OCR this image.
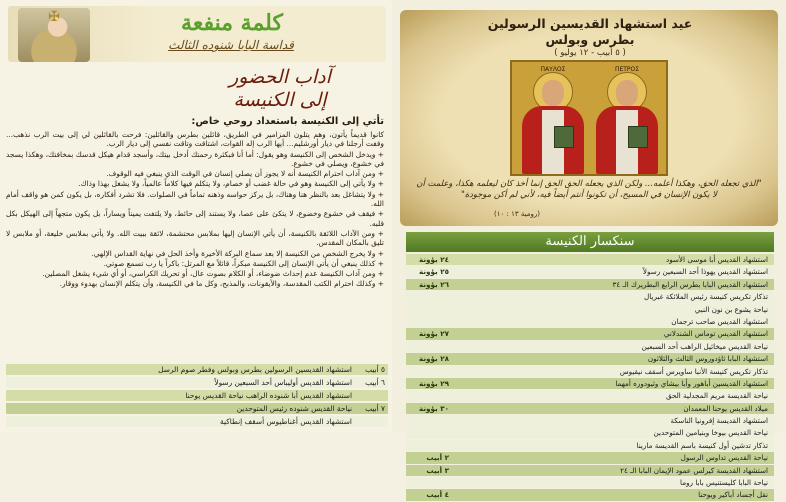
✠	كلمة منفعة
قداسة البابا شنوده الثالث
آداب الحضور
إلى الكنيسة
تأتي إلى الكنيسة باستعداد روحي خاص:

كانوا قديماً يأتون، وهم يتلون المزامير في الطريق، قائلين بطرس والقائلين: فرحت بالقائلين لي إلى بيت الرب نذهب... وقفت أرجلنا في ديار أورشليم... أيها الرب إله القوات، اشتاقت وتاقت نفسي إلى ديار الرب.

+ ويدخل الشخص إلى الكنيسة وهو يقول: أما أنا فبكثرة رحمتك أدخل بيتك، وأسجد قدام هيكل قدسك بمخافتك، وهكذا يسجد في خشوع، ويصلي في خشوع.

+ ومن آداب احترام الكنيسة أنه لا يجوز أن يصلي إنسان في الوقت الذي ينبغي فيه الوقوف.

+ ولا يأتي إلى الكنيسة وهو في حالة غضب أو خصام، ولا يتكلم فيها كلاماً عالمياً، ولا يشغل بهذا وذاك.

+ ولا يتشاغل بعد بالنظر هنا وهناك، بل يركز حواسه وذهنه تماماً في الصلوات. فلا تشرد أفكاره، بل يكون كمن هو واقف أمام الله.

+ فيقف في خشوع وخضوع، لا يتكئ على عصا، ولا يستند إلى حائط، ولا يلتفت يميناً ويساراً، بل يكون متجهاً إلى الهيكل بكل قلبه.

+ ومن الآداب اللائقة بالكنيسة، أن يأتي الإنسان إليها بملابس محتشمة، لائقة ببيت الله. ولا يأتي بملابس خليعة، أو ملابس لا تليق بالمكان المقدس.

+ ولا يخرج الشخص من الكنيسة إلا بعد سماع البركة الأخيرة وأخذ الحل في نهاية القداس الإلهي.

+ كذلك ينبغي أن يأتي الإنسان إلى الكنيسة مبكراً، قائلاً مع المرتل: باكراً يا رب تسمع صوتي.

+ ومن آداب الكنيسة عدم إحداث ضوضاء، أو الكلام بصوت عال، أو تحريك الكراسي، أو أي شيء يشغل المصلين.

+ وكذلك احترام الكتب المقدسة، والأيقونات، والمذبح، وكل ما في الكنيسة، وأن يتكلم الإنسان بهدوء ووقار.

٥ أبيب
استشهاد القديسين الرسولين بطرس وبولس وفطر صوم الرسل
٦ أبيب
استشهاد القديس أوليباس أحد السبعين رسولاً
استشهاد القديس أبا شنوده الراهب نياحة القديس يوحنا
٧ أبيب
نياحة القديس شنوده رئيس المتوحدين
استشهاد القديس أغناطيوس أسقف إنطاكية
عيد استشهاد القديسين الرسولين
بطرس وبولس
( ٥ أبيب - ١٢ يوليو )
ΠΑΥΛΟΣ	ΠΕΤΡΟΣ
"الذي تجعله الحق، وهكذا أعلمه... ولكن الذي يجعله الحق الحق إنما أخذ كان ليعلمه هكذا، وعلمت أن لا يكون الإنسان في المسيح، أن تكونوا أنتم أيضاً فيه، لأني لم أكن موجودة"
(رومية ١٣ : ١٠)
سنكسار الكنيسة
استشهاد القديس أبا موسى الأسود
٢٤ بؤونة
استشهاد القديس يهوذا أحد السبعين رسولاً
٢٥ بؤونة
استشهاد القديس البابا بطرس الرابع البطريرك الـ ٣٤
٢٦ بؤونة
تذكار تكريس كنيسة رئيس الملائكة غبريال
نياحة يشوع بن نون النبي
استشهاد القديس صاحب ترجمان
استشهاد القديس توماس الشندلاني
٢٧ بؤونة
نياحة القديس ميخائيل الراهب أحد السبعين
استشهاد البابا ثاؤدوروس الثالث والثلاثون
٢٨ بؤونة
تذكار تكريس كنيسة الأنبا ساويرس أسقف نيقيوس
استشهاد القديسين أباهور وأبا بيشاي وثيودوره أمهما
٢٩ بؤونة
نياحة القديسة مريم المجدلية الحق
ميلاد القديس يوحنا المعمدان
٣٠ بؤونة
استشهاد القديسة إفرونيا الناسكة
نياحة القديس بيوخا وبنيامين المتوحدين
تذكار تدشين أول كنيسة باسم القديسة مارينا
نياحة القديس تداوس الرسول
٢ أبيب
استشهاد القديسة كيرلس عمود الإيمان البابا الـ ٢٤
٣ أبيب
نياحة البابا كليستنيس بابا روما
نقل أجساد أباكير ويوحنا
٤ أبيب
